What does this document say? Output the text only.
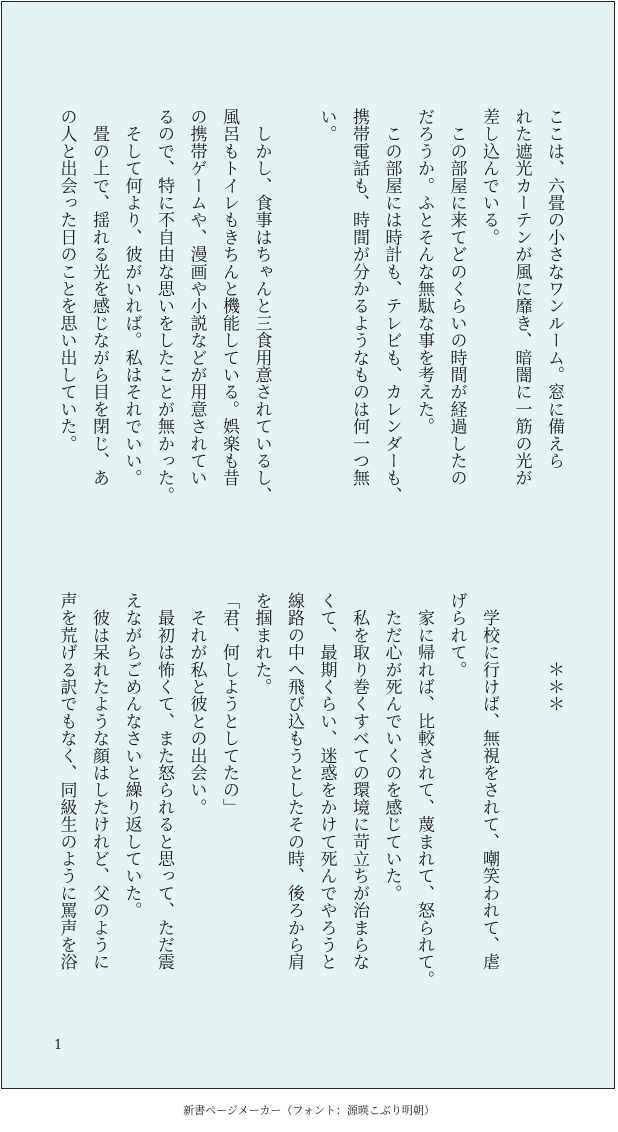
ここは、六畳の小さなワンルーム。窓に備えら
れた遮光カーテンが風に靡き、暗闇に一筋の光が
差し込んでいる。
　この部屋に来てどのくらいの時間が経過したの
だろうか。ふとそんな無駄な事を考えた。
　この部屋には時計も、テレビも、カレンダーも、
携帯電話も、時間が分かるようなものは何一つ無
い。

　しかし、食事はちゃんと三食用意されているし、
風呂もトイレもきちんと機能している。娯楽も昔
の携帯ゲームや、漫画や小説などが用意されてい
るので、特に不自由な思いをしたことが無かった。
　そして何より、彼がいれば。私はそれでいい。
　畳の上で、揺れる光を感じながら目を閉じ、あ
の人と出会った日のことを思い出していた。
　　　　＊＊＊

　学校に行けば、無視をされて、嘲笑われて、虐
げられて。
　家に帰れば、比較されて、蔑まれて、怒られて。
　ただ心が死んでいくのを感じていた。
　私を取り巻くすべての環境に苛立ちが治まらな
くて、最期くらい、迷惑をかけて死んでやろうと
線路の中へ飛び込もうとしたその時、後ろから肩
を掴まれた。
「君、何しようとしてたの」
　それが私と彼との出会い。
　最初は怖くて、また怒られると思って、ただ震
えながらごめんなさいと繰り返していた。
　彼は呆れたような顔はしたけれど、父のように
声を荒げる訳でもなく、同級生のように罵声を浴
1
新書ページメーカー（フォント：源暎こぶり明朝）
